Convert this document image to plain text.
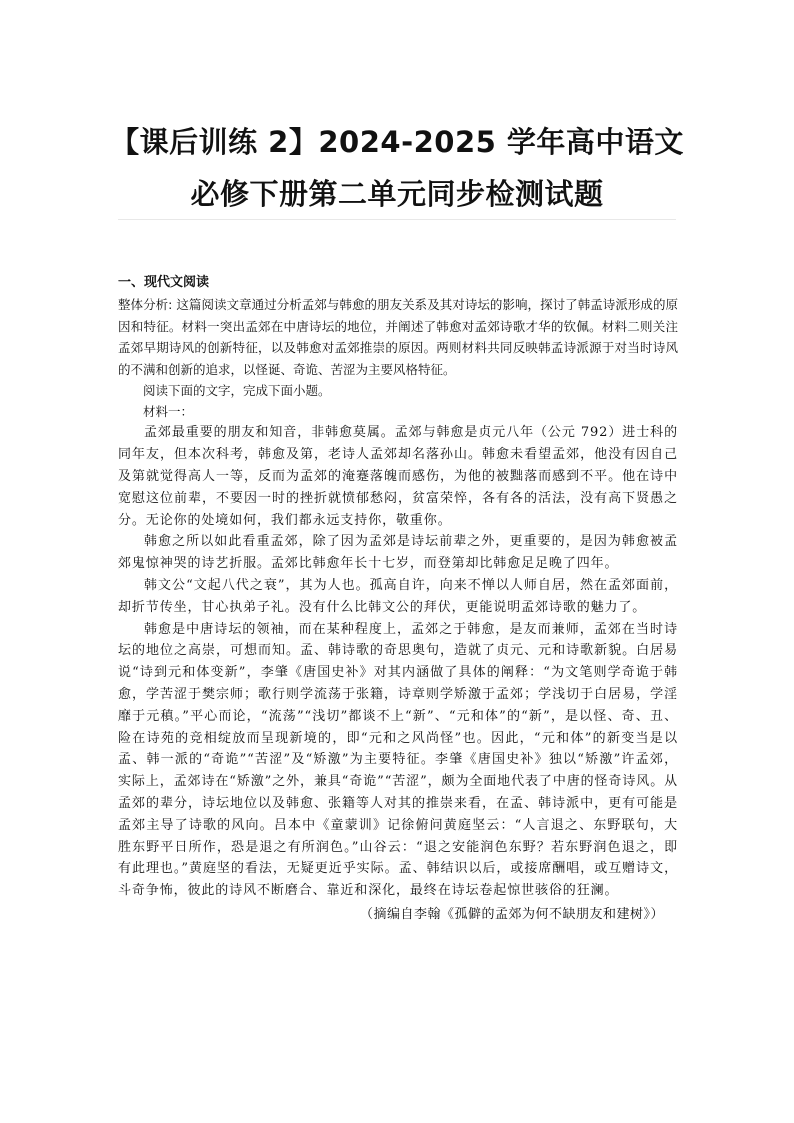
【课后训练 2】2024-2025 学年高中语文
必修下册第二单元同步检测试题

一、现代文阅读

整体分析: 这篇阅读文章通过分析孟郊与韩愈的朋友关系及其对诗坛的影响，探讨了韩孟诗派形成的原因和特征。材料一突出孟郊在中唐诗坛的地位，并阐述了韩愈对孟郊诗歌才华的钦佩。材料二则关注孟郊早期诗风的创新特征，以及韩愈对孟郊推崇的原因。两则材料共同反映韩孟诗派源于对当时诗风的不满和创新的追求，以怪诞、奇诡、苦涩为主要风格特征。

阅读下面的文字，完成下面小题。

材料一：

孟郊最重要的朋友和知音，非韩愈莫属。孟郊与韩愈是贞元八年（公元 792）进士科的同年友，但本次科考，韩愈及第，老诗人孟郊却名落孙山。韩愈未看望孟郊，他没有因自己及第就觉得高人一等，反而为孟郊的淹蹇落魄而感伤，为他的被黜落而感到不平。他在诗中宽慰这位前辈，不要因一时的挫折就愤郁愁闷，贫富荣悴，各有各的活法，没有高下贤愚之分。无论你的处境如何，我们都永远支持你，敬重你。

韩愈之所以如此看重孟郊，除了因为孟郊是诗坛前辈之外，更重要的，是因为韩愈被孟郊鬼惊神哭的诗艺折服。孟郊比韩愈年长十七岁，而登第却比韩愈足足晚了四年。

韩文公“文起八代之衰”，其为人也。孤高自许，向来不惮以人师自居，然在孟郊面前，却折节传坐，甘心执弟子礼。没有什么比韩文公的拜伏，更能说明孟郊诗歌的魅力了。

韩愈是中唐诗坛的领袖，而在某种程度上，孟郊之于韩愈，是友而兼师，孟郊在当时诗坛的地位之高崇，可想而知。孟、韩诗歌的奇思奥句，造就了贞元、元和诗歌新貌。白居易说“诗到元和体变新”，李肇《唐国史补》对其内涵做了具体的阐释：“为文笔则学奇诡于韩愈，学苦涩于樊宗师；歌行则学流荡于张籍，诗章则学矫激于孟郊；学浅切于白居易，学淫靡于元稹。”平心而论，“流荡”“浅切”都谈不上“新”、“元和体”的“新”，是以怪、奇、丑、险在诗苑的竞相绽放而呈现新境的，即“元和之风尚怪”也。因此，“元和体”的新变当是以孟、韩一派的“奇诡”“苦涩”及“矫激”为主要特征。李肇《唐国史补》独以“矫激”许孟郊，实际上，孟郊诗在“矫激”之外，兼具“奇诡”“苦涩”，颇为全面地代表了中唐的怪奇诗风。从孟郊的辈分，诗坛地位以及韩愈、张籍等人对其的推崇来看，在孟、韩诗派中，更有可能是孟郊主导了诗歌的风向。吕本中《童蒙训》记徐俯问黄庭坚云：“人言退之、东野联句，大胜东野平日所作，恐是退之有所润色。”山谷云：“退之安能润色东野？若东野润色退之，即有此理也。”黄庭坚的看法，无疑更近乎实际。孟、韩结识以后，或接席酬唱，或互赠诗文，斗奇争怖，彼此的诗风不断磨合、靠近和深化，最终在诗坛卷起惊世骇俗的狂澜。

（摘编自李翰《孤僻的孟郊为何不缺朋友和建树》）
